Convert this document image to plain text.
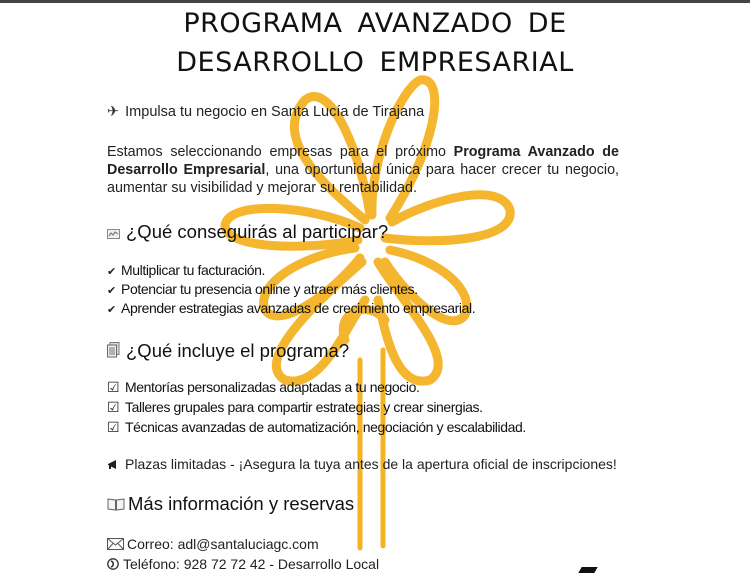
PROGRAMA AVANZADO DE
DESARROLLO EMPRESARIAL
✈ Impulsa tu negocio en Santa Lucía de Tirajana
Estamos seleccionando empresas para el próximo Programa Avanzado de Desarrollo Empresarial, una oportunidad única para hacer crecer tu negocio, aumentar su visibilidad y mejorar su rentabilidad.
¿Qué conseguirás al participar?
✔ Multiplicar tu facturación.
✔ Potenciar tu presencia online y atraer más clientes.
✔ Aprender estrategias avanzadas de crecimiento empresarial.
¿Qué incluye el programa?
☑ Mentorías personalizadas adaptadas a tu negocio.
☑ Talleres grupales para compartir estrategias y crear sinergias.
☑ Técnicas avanzadas de automatización, negociación y escalabilidad.
Plazas limitadas - ¡Asegura la tuya antes de la apertura oficial de inscripciones!
Más información y reservas
Correo: adl@santaluciagc.com
Teléfono: 928 72 72 42 - Desarrollo Local
